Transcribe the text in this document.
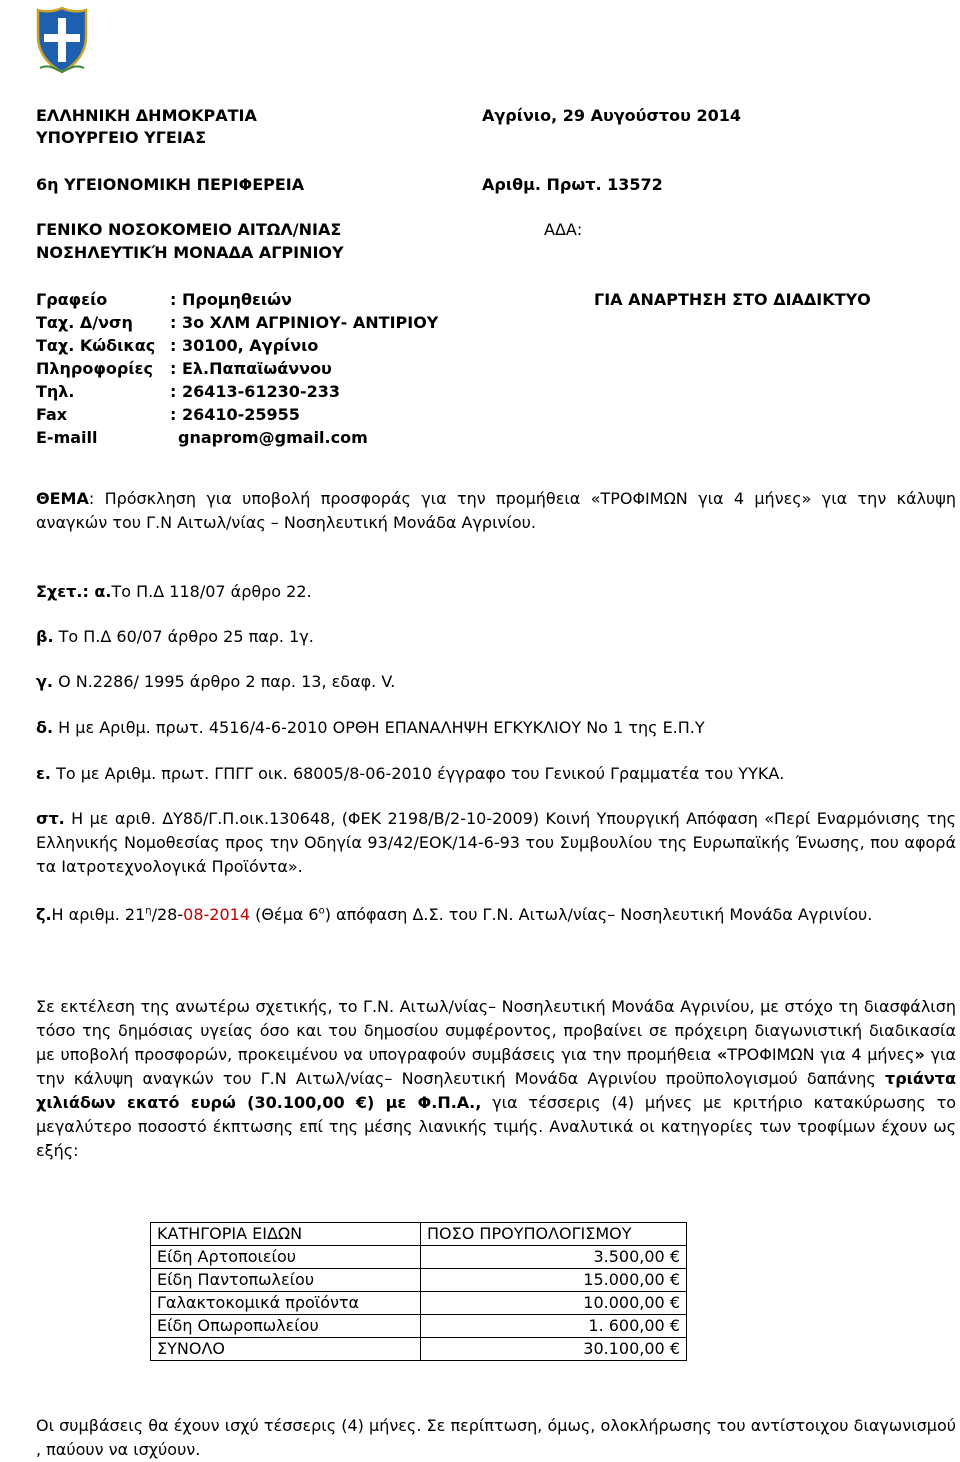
ΕΛΛΗΝΙΚΗ ΔΗΜΟΚΡΑΤΙΑ
ΥΠΟΥΡΓΕΙΟ ΥΓΕΙΑΣ
6η ΥΓΕΙΟΝΟΜΙΚΗ ΠΕΡΙΦΕΡΕΙΑ
ΓΕΝΙΚΟ ΝΟΣΟΚΟΜΕΙΟ ΑΙΤΩΛ/ΝΙΑΣ
ΝΟΣΗΛΕΥΤΙΚΉ ΜΟΝΑΔΑ ΑΓΡΙΝΙΟΥ
Αγρίνιο, 29 Αυγούστου 2014
Αριθμ. Πρωτ. 13572
ΑΔΑ:
ΓΙΑ ΑΝΑΡΤΗΣΗ ΣΤΟ ΔΙΑΔΙΚΤΥΟ
Γραφείο	: Προμηθειών
Ταχ. Δ/νση : 3ο ΧΛΜ ΑΓΡΙΝΙΟΥ- ΑΝΤΙΡΙΟΥ
Ταχ. Κώδικας : 30100, Αγρίνιο
Πληροφορίες : Ελ.Παπαϊωάννου
Τηλ.	: 26413-61230-233
Fax	: 26410-25955
E-maill	gnaprom@gmail.com
ΘΕΜΑ: Πρόσκληση για υποβολή προσφοράς για την προμήθεια «ΤΡΟΦΙΜΩΝ για 4 μήνες» για την κάλυψη αναγκών του Γ.Ν Αιτωλ/νίας – Νοσηλευτική Μονάδα Αγρινίου.
Σχετ.: α.Το Π.Δ 118/07 άρθρο 22.
β. Το Π.Δ 60/07 άρθρο 25 παρ. 1γ.
γ. Ο Ν.2286/ 1995 άρθρο 2 παρ. 13, εδαφ. V.
δ. Η με Αριθμ. πρωτ. 4516/4-6-2010 ΟΡΘΗ ΕΠΑΝΑΛΗΨΗ ΕΓΚΥΚΛΙΟΥ Νο 1 της Ε.Π.Υ
ε. Το με Αριθμ. πρωτ. ΓΠΓΓ οικ. 68005/8-06-2010 έγγραφο του Γενικού Γραμματέα του ΥΥΚΑ.
στ. Η με αριθ. ΔΥ8δ/Γ.Π.οικ.130648, (ΦΕΚ 2198/Β/2-10-2009) Κοινή Υπουργική Απόφαση «Περί Εναρμόνισης της Ελληνικής Νομοθεσίας προς την Οδηγία 93/42/ΕΟΚ/14-6-93 του Συμβουλίου της Ευρωπαϊκής Ένωσης, που αφορά τα Ιατροτεχνολογικά Προϊόντα».
ζ.Η αριθμ. $21^\eta/28-08-2014$ (Θέμα $6^o$) απόφαση Δ.Σ. του Γ.Ν. Αιτωλ/νίας– Νοσηλευτική Μονάδα Αγρινίου.
Σε εκτέλεση της ανωτέρω σχετικής, το Γ.Ν. Αιτωλ/νίας– Νοσηλευτική Μονάδα Αγρινίου, με στόχο τη διασφάλιση τόσο της δημόσιας υγείας όσο και του δημοσίου συμφέροντος, προβαίνει σε πρόχειρη διαγωνιστική διαδικασία με υποβολή προσφορών, προκειμένου να υπογραφούν συμβάσεις για την προμήθεια «ΤΡΟΦΙΜΩΝ για 4 μήνες» για την κάλυψη αναγκών του Γ.Ν Αιτωλ/νίας– Νοσηλευτική Μονάδα Αγρινίου προϋπολογισμού δαπάνης τριάντα χιλιάδων εκατό ευρώ (30.100,00 €) με Φ.Π.Α., για τέσσερις (4) μήνες με κριτήριο κατακύρωσης το μεγαλύτερο ποσοστό έκπτωσης επί της μέσης λιανικής τιμής. Αναλυτικά οι κατηγορίες των τροφίμων έχουν ως εξής:
ΚΑΤΗΓΟΡΙΑ ΕΙΔΩΝ	ΠΟΣΟ ΠΡΟΥΠΟΛΟΓΙΣΜΟΥ
Είδη Αρτοποιείου	3.500,00 €
Είδη Παντοπωλείου	15.000,00 €
Γαλακτοκομικά προϊόντα	10.000,00 €
Είδη Οπωροπωλείου	1. 600,00 €
ΣΥΝΟΛΟ	30.100,00 €
Οι συμβάσεις θα έχουν ισχύ τέσσερις (4) μήνες. Σε περίπτωση, όμως, ολοκλήρωσης του αντίστοιχου διαγωνισμού , παύουν να ισχύουν.
